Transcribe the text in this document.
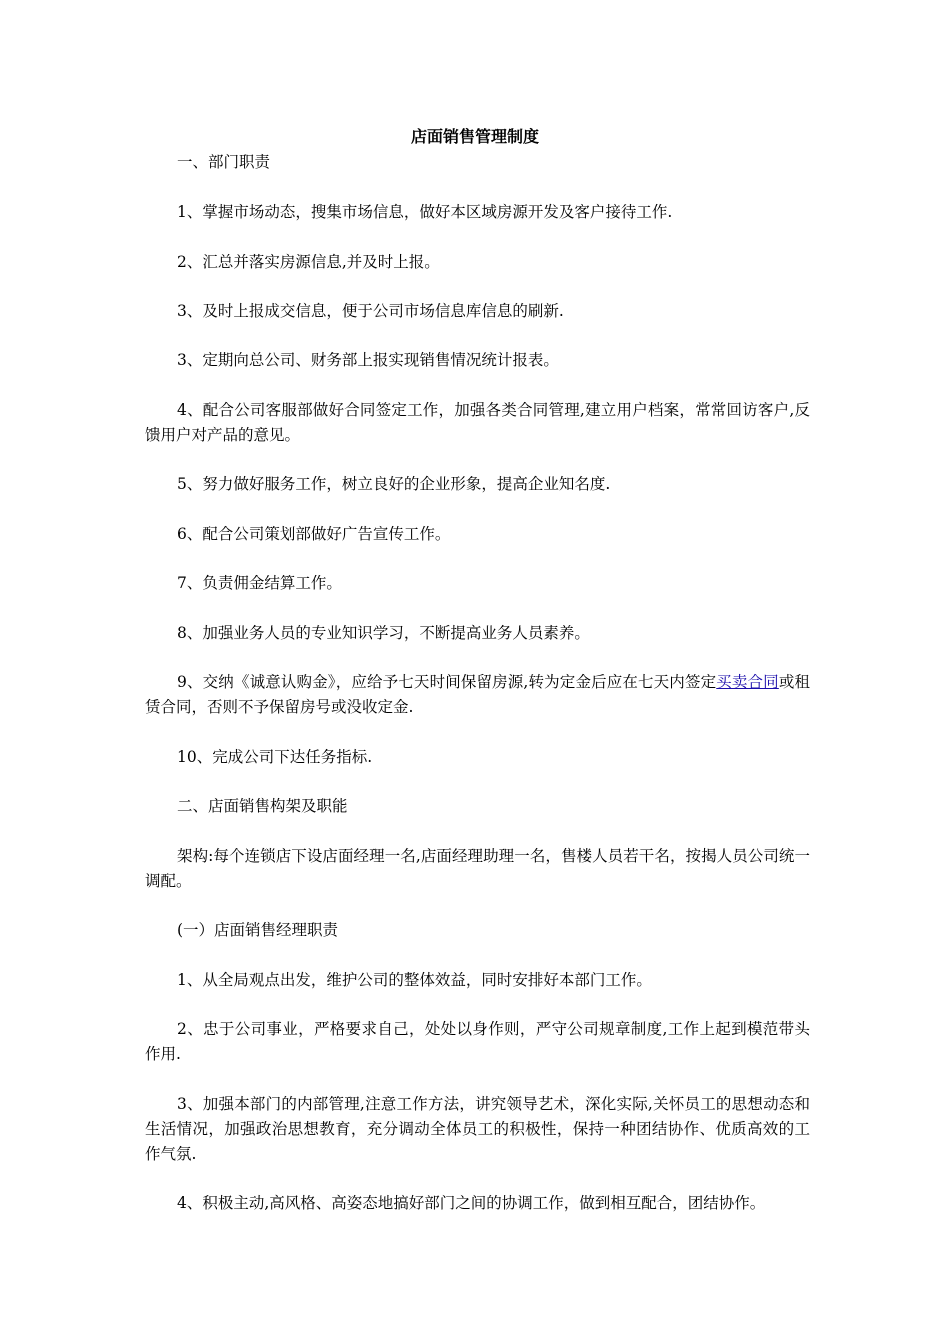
店面销售管理制度
一、部门职责
1、掌握市场动态，搜集市场信息，做好本区域房源开发及客户接待工作.
2、汇总并落实房源信息,并及时上报。
3、及时上报成交信息，便于公司市场信息库信息的刷新.
3、定期向总公司、财务部上报实现销售情况统计报表。
4、配合公司客服部做好合同签定工作，加强各类合同管理,建立用户档案，常常回访客户,反馈用户对产品的意见。
5、努力做好服务工作，树立良好的企业形象，提高企业知名度.
6、配合公司策划部做好广告宣传工作。
7、负责佣金结算工作。
8、加强业务人员的专业知识学习，不断提高业务人员素养。
9、交纳《诚意认购金》，应给予七天时间保留房源,转为定金后应在七天内签定买卖合同或租赁合同，否则不予保留房号或没收定金.
10、完成公司下达任务指标.
二、店面销售构架及职能
架构:每个连锁店下设店面经理一名,店面经理助理一名，售楼人员若干名，按揭人员公司统一调配。
(一）店面销售经理职责
1、从全局观点出发，维护公司的整体效益，同时安排好本部门工作。
2、忠于公司事业，严格要求自己，处处以身作则，严守公司规章制度,工作上起到模范带头作用.
3、加强本部门的内部管理,注意工作方法，讲究领导艺术，深化实际,关怀员工的思想动态和生活情况，加强政治思想教育，充分调动全体员工的积极性，保持一种团结协作、优质高效的工作气氛.
4、积极主动,高风格、高姿态地搞好部门之间的协调工作，做到相互配合，团结协作。
